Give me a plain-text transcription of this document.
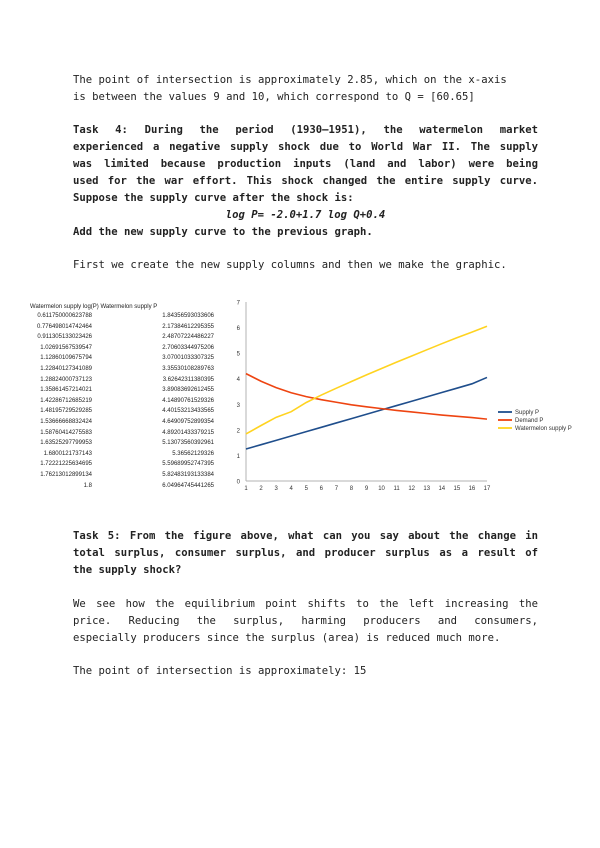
The point of intersection is approximately 2.85, which on the x-axis
is between the values 9 and 10, which correspond to Q = [60.65]
Task 4: During the period (1930–1951), the watermelon market
experienced a negative supply shock due to World War II. The supply
was limited because production inputs (land and labor) were being
used for the war effort. This shock changed the entire supply curve.
Suppose the supply curve after the shock is:
log P= -2.0+1.7 log Q+0.4
Add the new supply curve to the previous graph.
First we create the new supply columns and then we make the graphic.
Watermelon supply log(P) Watermelon supply P
0.611750000623788	1.84356593033606
0.776498014742464	2.17384612295355
0.911305133023426	2.48707224486227
1.02691567539547	2.70603344975206
1.12860109675794	3.07001033307325
1.22840127341089	3.35530108289763
1.28824000737123	3.62642311380395
1.35861457214021	3.89083692612455
1.42286712685219	4.14890761529326
1.48195729529285	4.40153213433565
1.53666668832424	4.64909752899354
1.58760414275583	4.89201433379215
1.63525297799953	5.13073560392961
1.6800121737143	5.36562129326
1.72221225634695	5.59689952747395
1.76213012899134	5.82483193133384
1.8	6.04964745441265
0
1
2
3
4
5
6
7
1 2 3 4 5 6 7 8 9 10 11 12 13 14 15 16 17
Supply P
Demand P
Watermelon supply P
Task 5: From the figure above, what can you say about the change in
total surplus, consumer surplus, and producer surplus as a result of
the supply shock?
We see how the equilibrium point shifts to the left increasing the
price. Reducing the surplus, harming producers and consumers,
especially producers since the surplus (area) is reduced much more.
The point of intersection is approximately: 15
